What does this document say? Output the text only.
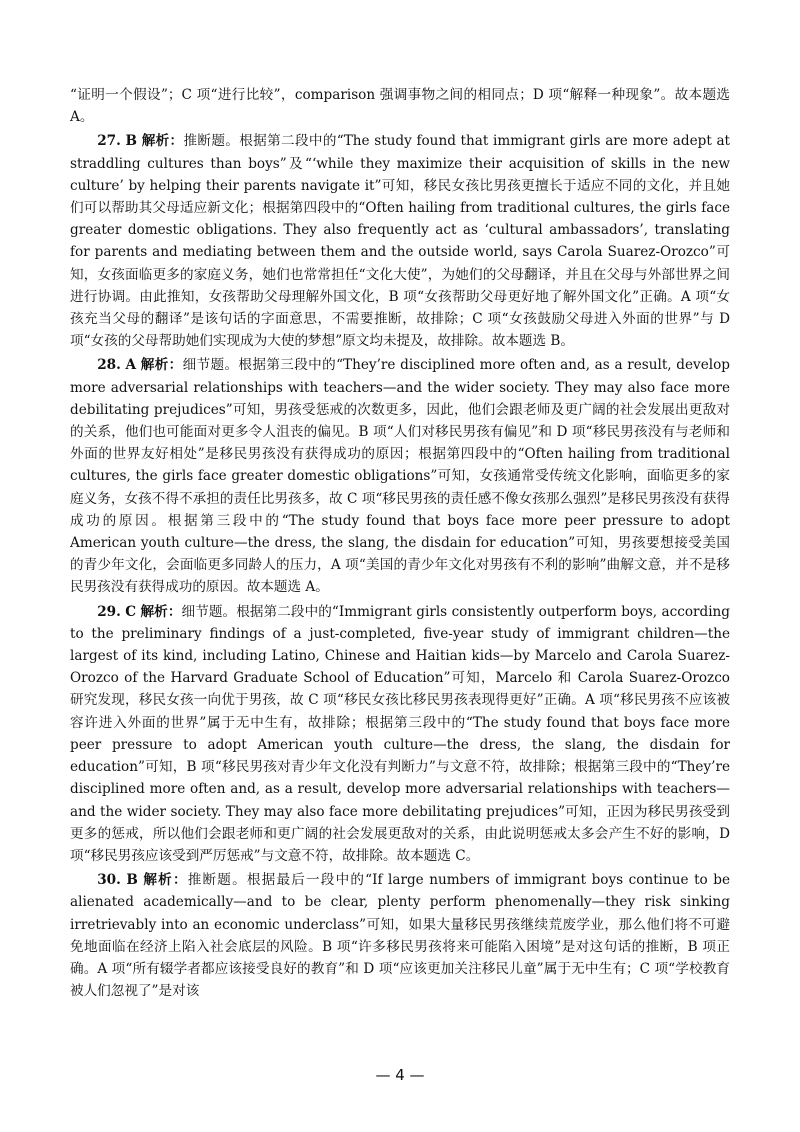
“证明一个假设”；C 项“进行比较”，comparison 强调事物之间的相同点；D 项“解释一种现象”。故本题选 A。

27. B 解析：推断题。根据第二段中的“The study found that immigrant girls are more adept at straddling cultures than boys”及“‘while they maximize their acquisition of skills in the new culture’ by helping their parents navigate it”可知，移民女孩比男孩更擅长于适应不同的文化，并且她们可以帮助其父母适应新文化；根据第四段中的“Often hailing from traditional cultures, the girls face greater domestic obligations. They also frequently act as ‘cultural ambassadors’, translating for parents and mediating between them and the outside world, says Carola Suarez-Orozco”可知，女孩面临更多的家庭义务，她们也常常担任“文化大使”，为她们的父母翻译，并且在父母与外部世界之间进行协调。由此推知，女孩帮助父母理解外国文化，B 项“女孩帮助父母更好地了解外国文化”正确。A 项“女孩充当父母的翻译”是该句话的字面意思，不需要推断，故排除；C 项“女孩鼓励父母进入外面的世界”与 D 项“女孩的父母帮助她们实现成为大使的梦想”原文均未提及，故排除。故本题选 B。

28. A 解析：细节题。根据第三段中的“They’re disciplined more often and, as a result, develop more adversarial relationships with teachers—and the wider society. They may also face more debilitating prejudices”可知，男孩受惩戒的次数更多，因此，他们会跟老师及更广阔的社会发展出更敌对的关系，他们也可能面对更多令人沮丧的偏见。B 项“人们对移民男孩有偏见”和 D 项“移民男孩没有与老师和外面的世界友好相处”是移民男孩没有获得成功的原因；根据第四段中的“Often hailing from traditional cultures, the girls face greater domestic obligations”可知，女孩通常受传统文化影响，面临更多的家庭义务，女孩不得不承担的责任比男孩多，故 C 项“移民男孩的责任感不像女孩那么强烈”是移民男孩没有获得成功的原因。根据第三段中的“The study found that boys face more peer pressure to adopt American youth culture—the dress, the slang, the disdain for education”可知，男孩要想接受美国的青少年文化，会面临更多同龄人的压力，A 项“美国的青少年文化对男孩有不利的影响”曲解文意，并不是移民男孩没有获得成功的原因。故本题选 A。

29. C 解析：细节题。根据第二段中的“Immigrant girls consistently outperform boys, according to the preliminary findings of a just-completed, five-year study of immigrant children—the largest of its kind, including Latino, Chinese and Haitian kids—by Marcelo and Carola Suarez-Orozco of the Harvard Graduate School of Education”可知，Marcelo 和 Carola Suarez-Orozco 研究发现，移民女孩一向优于男孩，故 C 项“移民女孩比移民男孩表现得更好”正确。A 项“移民男孩不应该被容许进入外面的世界”属于无中生有，故排除；根据第三段中的“The study found that boys face more peer pressure to adopt American youth culture—the dress, the slang, the disdain for education”可知，B 项“移民男孩对青少年文化没有判断力”与文意不符，故排除；根据第三段中的“They’re disciplined more often and, as a result, develop more adversarial relationships with teachers—and the wider society. They may also face more debilitating prejudices”可知，正因为移民男孩受到更多的惩戒，所以他们会跟老师和更广阔的社会发展更敌对的关系，由此说明惩戒太多会产生不好的影响，D 项“移民男孩应该受到严厉惩戒”与文意不符，故排除。故本题选 C。

30. B 解析：推断题。根据最后一段中的“If large numbers of immigrant boys continue to be alienated academically—and to be clear, plenty perform phenomenally—they risk sinking irretrievably into an economic underclass”可知，如果大量移民男孩继续荒废学业，那么他们将不可避免地面临在经济上陷入社会底层的风险。B 项“许多移民男孩将来可能陷入困境”是对这句话的推断，B 项正确。A 项“所有辍学者都应该接受良好的教育”和 D 项“应该更加关注移民儿童”属于无中生有；C 项“学校教育被人们忽视了”是对该

— 4 —
